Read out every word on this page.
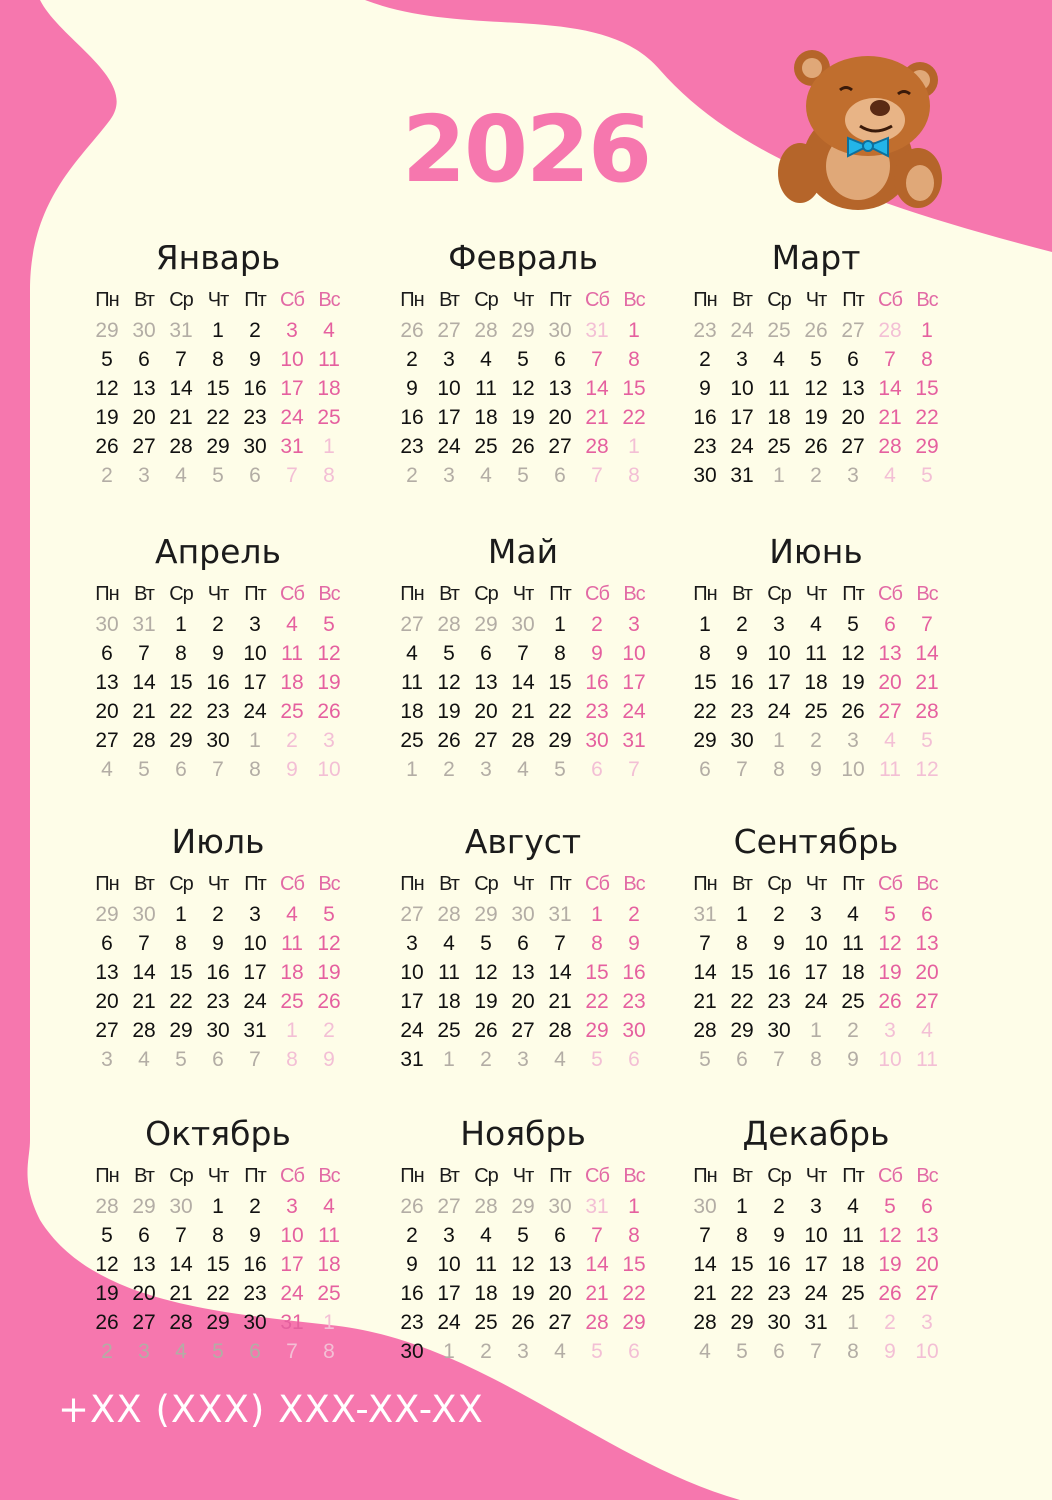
2026
Январь
Пн Вт Ср Чт Пт Сб Вс
29 30 31 1	2	3	4
5	6	7	8	9 10 11
12 13 14 15 16 17 18
19 20 21 22 23 24 25
26 27 28 29 30 31 1
2	3	4	5	6	7	8
Февраль
Пн Вт Ср Чт Пт Сб Вс
26 27 28 29 30 31 1
2	3	4	5	6	7	8
9 10 11 12 13 14 15
16 17 18 19 20 21 22
23 24 25 26 27 28 1
2	3	4	5	6	7	8
Март
Пн Вт Ср Чт Пт Сб Вс
23 24 25 26 27 28 1
2	3	4	5	6	7	8
9 10 11 12 13 14 15
16 17 18 19 20 21 22
23 24 25 26 27 28 29
30 31 1	2	3	4	5
Апрель
Пн Вт Ср Чт Пт Сб Вс
30 31 1	2	3	4	5
6	7	8	9 10 11 12
13 14 15 16 17 18 19
20 21 22 23 24 25 26
27 28 29 30 1	2	3
4	5	6	7	8	9 10
Май
Пн Вт Ср Чт Пт Сб Вс
27 28 29 30 1	2	3
4	5	6	7	8	9 10
11 12 13 14 15 16 17
18 19 20 21 22 23 24
25 26 27 28 29 30 31
1	2	3	4	5	6	7
Июнь
Пн Вт Ср Чт Пт Сб Вс
1	2	3	4	5	6	7
8	9 10 11 12 13 14
15 16 17 18 19 20 21
22 23 24 25 26 27 28
29 30 1	2	3	4	5
6	7	8	9 10 11 12
Июль
Пн Вт Ср Чт Пт Сб Вс
29 30 1	2	3	4	5
6	7	8	9 10 11 12
13 14 15 16 17 18 19
20 21 22 23 24 25 26
27 28 29 30 31 1	2
3	4	5	6	7	8	9
Август
Пн Вт Ср Чт Пт Сб Вс
27 28 29 30 31 1	2
3	4	5	6	7	8	9
10 11 12 13 14 15 16
17 18 19 20 21 22 23
24 25 26 27 28 29 30
31 1	2	3	4	5	6
Сентябрь
Пн Вт Ср Чт Пт Сб Вс
31 1	2	3	4	5	6
7	8	9 10 11 12 13
14 15 16 17 18 19 20
21 22 23 24 25 26 27
28 29 30 1	2	3	4
5	6	7	8	9 10 11
Октябрь
Пн Вт Ср Чт Пт Сб Вс
28 29 30 1	2	3	4
5	6	7	8	9 10 11
12 13 14 15 16 17 18
19 20 21 22 23 24 25
26 27 28 29 30 31 1
2	3	4	5	6	7	8
Ноябрь
Пн Вт Ср Чт Пт Сб Вс
26 27 28 29 30 31 1
2	3	4	5	6	7	8
9 10 11 12 13 14 15
16 17 18 19 20 21 22
23 24 25 26 27 28 29
30 1	2	3	4	5	6
Декабрь
Пн Вт Ср Чт Пт Сб Вс
30 1	2	3	4	5	6
7	8	9 10 11 12 13
14 15 16 17 18 19 20
21 22 23 24 25 26 27
28 29 30 31 1	2	3
4	5	6	7	8	9 10
+XX (XXX) XXX-XX-XX
